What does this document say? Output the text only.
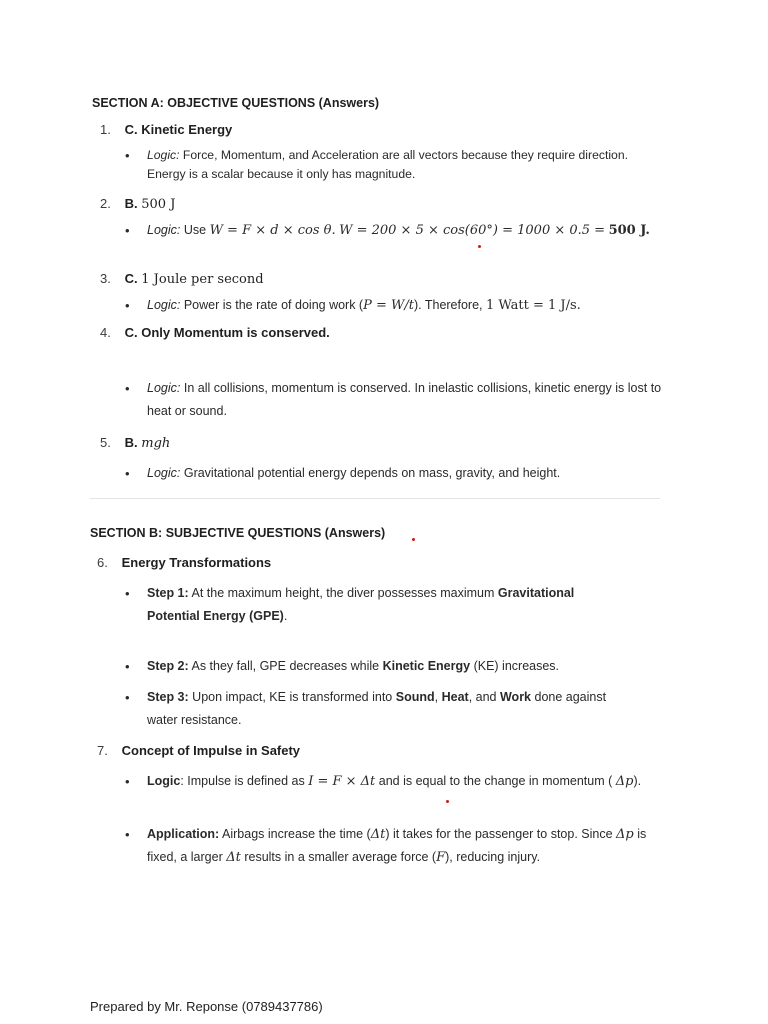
SECTION A: OBJECTIVE QUESTIONS (Answers)
1. C. Kinetic Energy
• Logic: Force, Momentum, and Acceleration are all vectors because they require direction. Energy is a scalar because it only has magnitude.
2. B. 500 J
• Logic: Use W = F × d × cos θ. W = 200 × 5 × cos(60°) = 1000 × 0.5 = 500 J.
3. C. 1 Joule per second
• Logic: Power is the rate of doing work (P = W/t). Therefore, 1 Watt = 1 J/s.
4. C. Only Momentum is conserved.
• Logic: In all collisions, momentum is conserved. In inelastic collisions, kinetic energy is lost to heat or sound.
5. B. mgh
• Logic: Gravitational potential energy depends on mass, gravity, and height.
SECTION B: SUBJECTIVE QUESTIONS (Answers)
6. Energy Transformations
• Step 1: At the maximum height, the diver possesses maximum Gravitational Potential Energy (GPE).
• Step 2: As they fall, GPE decreases while Kinetic Energy (KE) increases.
• Step 3: Upon impact, KE is transformed into Sound, Heat, and Work done against water resistance.
7. Concept of Impulse in Safety
• Logic: Impulse is defined as I = F × Δt and is equal to the change in momentum ( Δp).
• Application: Airbags increase the time (Δt) it takes for the passenger to stop. Since Δp is fixed, a larger Δt results in a smaller average force (F), reducing injury.
Prepared by Mr. Reponse (0789437786)
